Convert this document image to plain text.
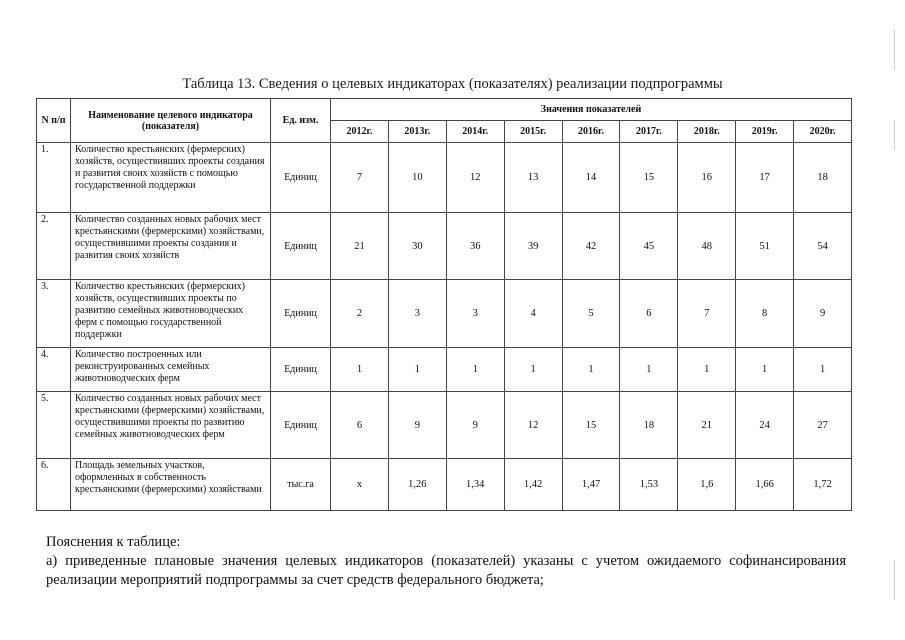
Таблица 13. Сведения о целевых индикаторах (показателях) реализации подпрограммы
N п/п	Наименование целевого индикатора (показателя)	Ед. изм.	Значения показателей								
			2012г.	2013г.	2014г.	2015г.	2016г.	2017г.	2018г.	2019г.	2020г.
1.	Количество крестьянских (фермерских) хозяйств, осуществивших проекты создания и развития своих хозяйств с помощью государственной поддержки	Единиц	7	10	12	13	14	15	16	17	18
2.	Количество созданных новых рабочих мест крестьянскими (фермерскими) хозяйствами, осуществившими проекты создания и развития своих хозяйств	Единиц	21	30	36	39	42	45	48	51	54
3.	Количество крестьянских (фермерских) хозяйств, осуществивших проекты по развитию семейных животноводческих ферм с помощью государственной поддержки	Единиц	2	3	3	4	5	6	7	8	9
4.	Количество построенных или реконструированных семейных животноводческих ферм	Единиц	1	1	1	1	1	1	1	1	1
5.	Количество созданных новых рабочих мест крестьянскими (фермерскими) хозяйствами, осуществившими проекты по развитию семейных животноводческих ферм	Единиц	6	9	9	12	15	18	21	24	27
6.	Площадь земельных участков, оформленных в собственность крестьянскими (фермерскими) хозяйствами	тыс.га	x	1,26	1,34	1,42	1,47	1,53	1,6	1,66	1,72
Пояснения к таблице:
а) приведенные плановые значения целевых индикаторов (показателей) указаны с учетом ожидаемого софинансирования реализации мероприятий подпрограммы за счет средств федерального бюджета;
